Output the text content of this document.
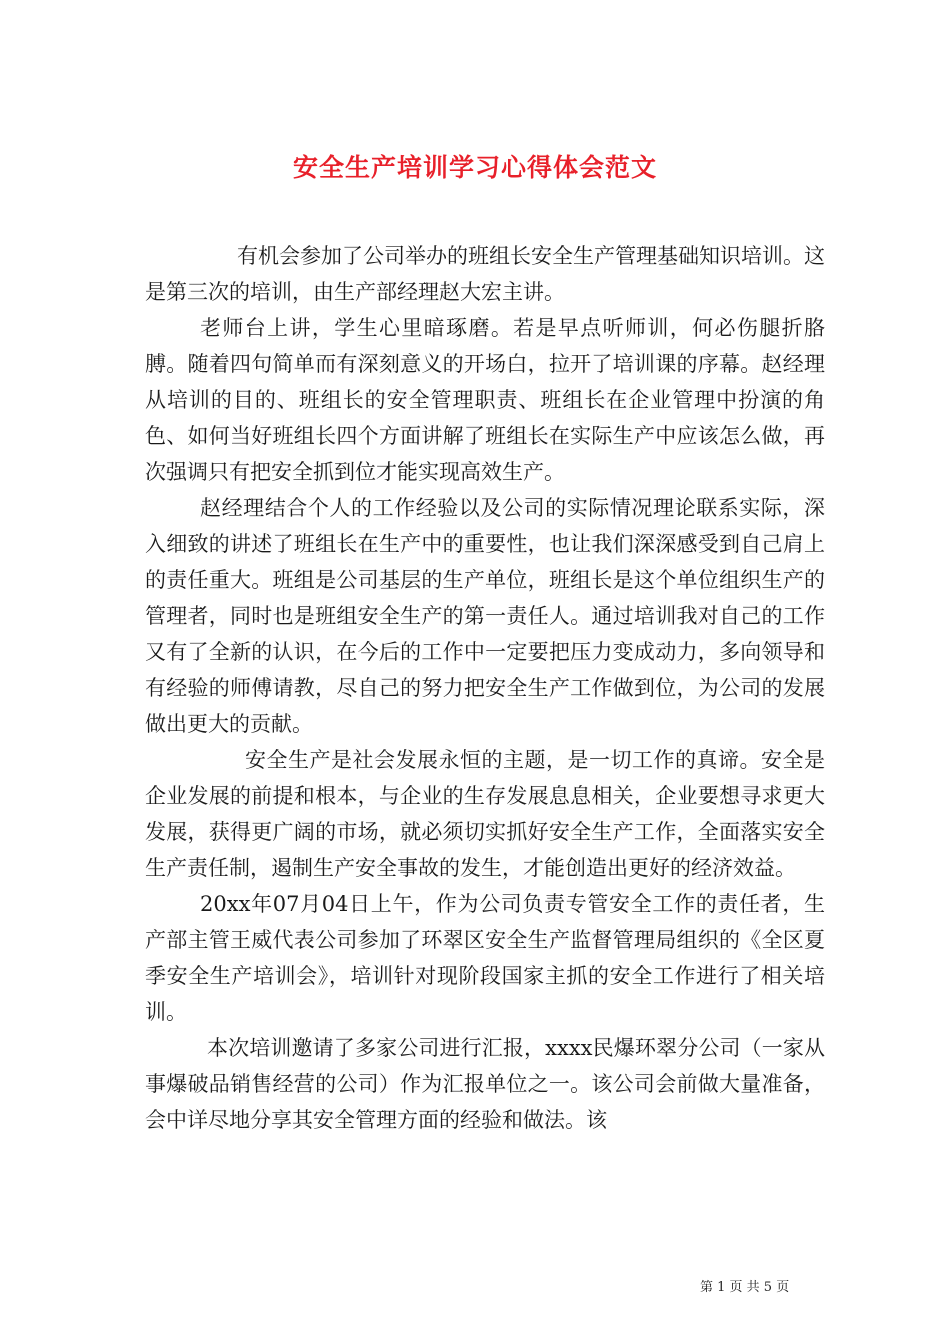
安全生产培训学习心得体会范文

有机会参加了公司举办的班组长安全生产管理基础知识培训。这是第三次的培训，由生产部经理赵大宏主讲。

老师台上讲，学生心里暗琢磨。若是早点听师训，何必伤腿折胳膊。随着四句简单而有深刻意义的开场白，拉开了培训课的序幕。赵经理从培训的目的、班组长的安全管理职责、班组长在企业管理中扮演的角色、如何当好班组长四个方面讲解了班组长在实际生产中应该怎么做，再次强调只有把安全抓到位才能实现高效生产。

赵经理结合个人的工作经验以及公司的实际情况理论联系实际，深入细致的讲述了班组长在生产中的重要性，也让我们深深感受到自己肩上的责任重大。班组是公司基层的生产单位，班组长是这个单位组织生产的管理者，同时也是班组安全生产的第一责任人。通过培训我对自己的工作又有了全新的认识，在今后的工作中一定要把压力变成动力，多向领导和有经验的师傅请教，尽自己的努力把安全生产工作做到位，为公司的发展做出更大的贡献。

安全生产是社会发展永恒的主题，是一切工作的真谛。安全是企业发展的前提和根本，与企业的生存发展息息相关，企业要想寻求更大发展，获得更广阔的市场，就必须切实抓好安全生产工作，全面落实安全生产责任制，遏制生产安全事故的发生，才能创造出更好的经济效益。

20xx年07月04日上午，作为公司负责专管安全工作的责任者，生产部主管王威代表公司参加了环翠区安全生产监督管理局组织的《全区夏季安全生产培训会》，培训针对现阶段国家主抓的安全工作进行了相关培训。

本次培训邀请了多家公司进行汇报，xxxx民爆环翠分公司（一家从事爆破品销售经营的公司）作为汇报单位之一。该公司会前做大量准备，会中详尽地分享其安全管理方面的经验和做法。该

第 1 页 共 5 页
